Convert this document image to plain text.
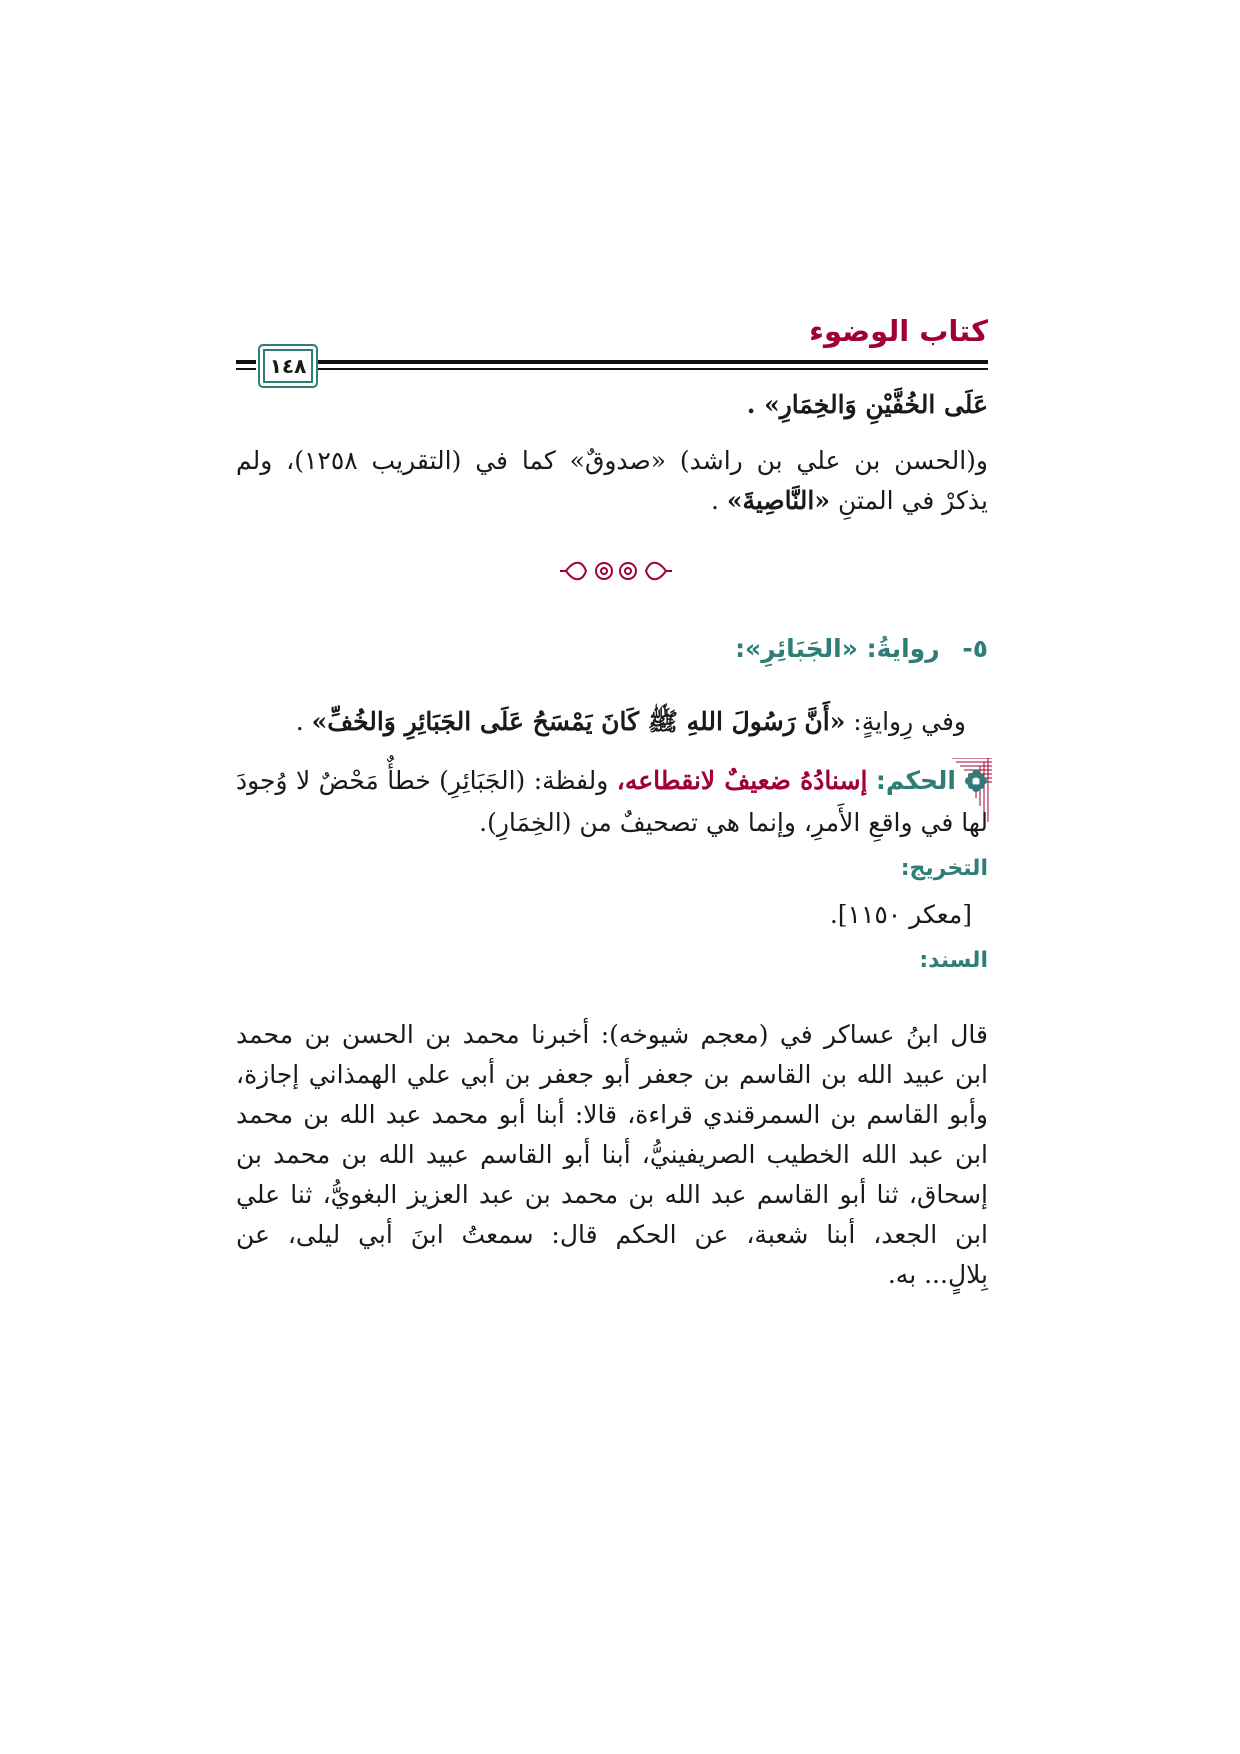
كتاب الوضوء
١٤٨
عَلَى الخُفَّيْنِ وَالخِمَارِ» .
و(الحسن بن علي بن راشد) «صدوقٌ» كما في (التقريب ١٢٥٨)، ولم
يذكرْ في المتنِ «النَّاصِيةَ» .
٥- روايةُ: «الجَبَائِرِ»:
وفي رِوايةٍ: «أَنَّ رَسُولَ اللهِ ﷺ كَانَ يَمْسَحُ عَلَى الجَبَائِرِ وَالخُفِّ» .
الحكم: إسنادُهُ ضعيفٌ لانقطاعه، ولفظة: (الجَبَائِرِ) خطأٌ مَحْضٌ لا وُجودَ
لها في واقعِ الأَمرِ، وإنما هي تصحيفٌ من (الخِمَارِ).
التخريج:
[معكر ١١٥٠].
السند:
قال ابنُ عساكر في (معجم شيوخه): أخبرنا محمد بن الحسن بن محمد
ابن عبيد الله بن القاسم بن جعفر أبو جعفر بن أبي علي الهمذاني إجازة،
وأبو القاسم بن السمرقندي قراءة، قالا: أبنا أبو محمد عبد الله بن محمد
ابن عبد الله الخطيب الصريفينيُّ، أبنا أبو القاسم عبيد الله بن محمد بن
إسحاق، ثنا أبو القاسم عبد الله بن محمد بن عبد العزيز البغويُّ، ثنا علي
ابن الجعد، أبنا شعبة، عن الحكم قال: سمعتُ ابنَ أبي ليلى، عن
بِلالٍ... به.
